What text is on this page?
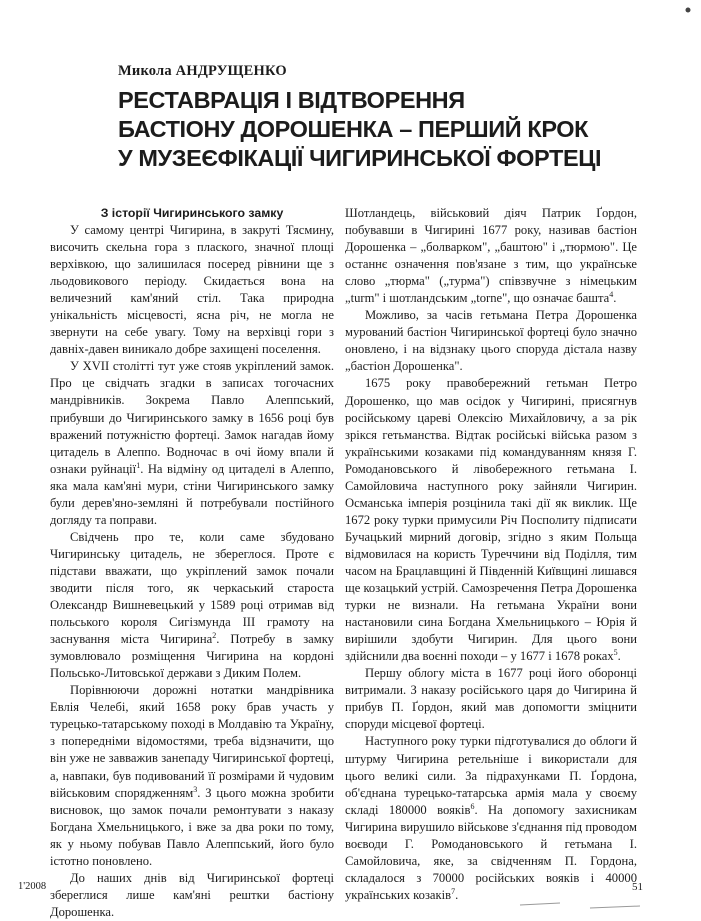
Микола АНДРУЩЕНКО
РЕСТАВРАЦІЯ І ВІДТВОРЕННЯ
БАСТІОНУ ДОРОШЕНКА – ПЕРШИЙ КРОК
У МУЗЕЄФІКАЦІЇ ЧИГИРИНСЬКОЇ ФОРТЕЦІ
З історії Чигиринського замку

У самому центрі Чигирина, в закруті Тясмину, височить скельна гора з плаского, значної площі верхівкою, що залишилася посеред рівнини ще з льодовикового періоду. Скидається вона на величезний кам'яний стіл. Така природна унікальність місцевості, ясна річ, не могла не звернути на себе увагу. Тому на верхівці гори з давніх-давен виникало добре захищені поселення.

У XVII столітті тут уже стояв укріплений замок. Про це свідчать згадки в записах тогочасних мандрівників. Зокрема Павло Алеппський, прибувши до Чигиринського замку в 1656 році був вражений потужністю фортеці. Замок нагадав йому цитадель в Алеппо. Водночас в очі йому впали й ознаки руйнації$^1$. На відміну од цитаделі в Алеппо, яка мала кам'яні мури, стіни Чигиринського замку були дерев'яно-земляні й потребували постійного догляду та поправи.

Свідчень про те, коли саме збудовано Чигиринську цитадель, не збереглося. Проте є підстави вважати, що укріплений замок почали зводити після того, як черкаський староста Олександр Вишневецький у 1589 році отримав від польського короля Сигізмунда III грамоту на заснування міста Чигирина$^2$. Потребу в замку зумовлювало розміщення Чигирина на кордоні Польсько-Литовської держави з Диким Полем.

Порівнюючи дорожні нотатки мандрівника Евлія Челебі, який 1658 року брав участь у турецько-татарському поході в Молдавію та Україну, з попередніми відомостями, треба відзначити, що він уже не завважив занепаду Чигиринської фортеці, а, навпаки, був подивований її розмірами й чудовим військовим спорядженням$^3$. З цього можна зробити висновок, що замок почали ремонтувати з наказу Богдана Хмельницького, і вже за два роки по тому, як у ньому побував Павло Алеппський, його було істотно поновлено.

До наших днів від Чигиринської фортеці збереглися лише кам'яні рештки бастіону Дорошенка.

Шотландець, військовий діяч Патрик Ґордон, побувавши в Чигирині 1677 року, називав бастіон Дорошенка – „болварком", „баштою" і „тюрмою". Це останнє означення пов'язане з тим, що українське слово „тюрма" („турма") співзвучне з німецьким „turm" і шотландським „torne", що означає башта$^4$.

Можливо, за часів гетьмана Петра Дорошенка мурований бастіон Чигиринської фортеці було значно оновлено, і на відзнаку цього споруда дістала назву „бастіон Дорошенка".

1675 року правобережний гетьман Петро Дорошенко, що мав осідок у Чигирині, присягнув російському цареві Олексію Михайловичу, а за рік зрікся гетьманства. Відтак російські війська разом з українськими козаками під командуванням князя Г. Ромодановського й лівобережного гетьмана І. Самойловича наступного року зайняли Чигирин. Османська імперія розцінила такі дії як виклик. Ще 1672 року турки примусили Річ Посполиту підписати Бучацький мирний договір, згідно з яким Польща відмовилася на користь Туреччини від Поділля, тим часом на Брацлавщині й Південній Київщині лишався ще козацький устрій. Самозречення Петра Дорошенка турки не визнали. На гетьмана України вони настановили сина Богдана Хмельницького – Юрія й вирішили здобути Чигирин. Для цього вони здійснили два воєнні походи – у 1677 і 1678 роках$^5$.

Першу облогу міста в 1677 році його оборонці витримали. З наказу російського царя до Чигирина й прибув П. Ґордон, який мав допомогти зміцнити споруди місцевої фортеці.

Наступного року турки підготувалися до облоги й штурму Чигирина ретельніше і використали для цього великі сили. За підрахунками П. Ґордона, об'єднана турецько-татарська армія мала у своєму складі 180000 вояків$^6$. На допомогу захисникам Чигирина вирушило військове з'єднання під проводом воєводи Г. Ромодановського й гетьмана І. Самойловича, яке, за свідченням П. Гордона, складалося з 70000 російських вояків і 40000 українських козаків$^7$.

1'2008	51
